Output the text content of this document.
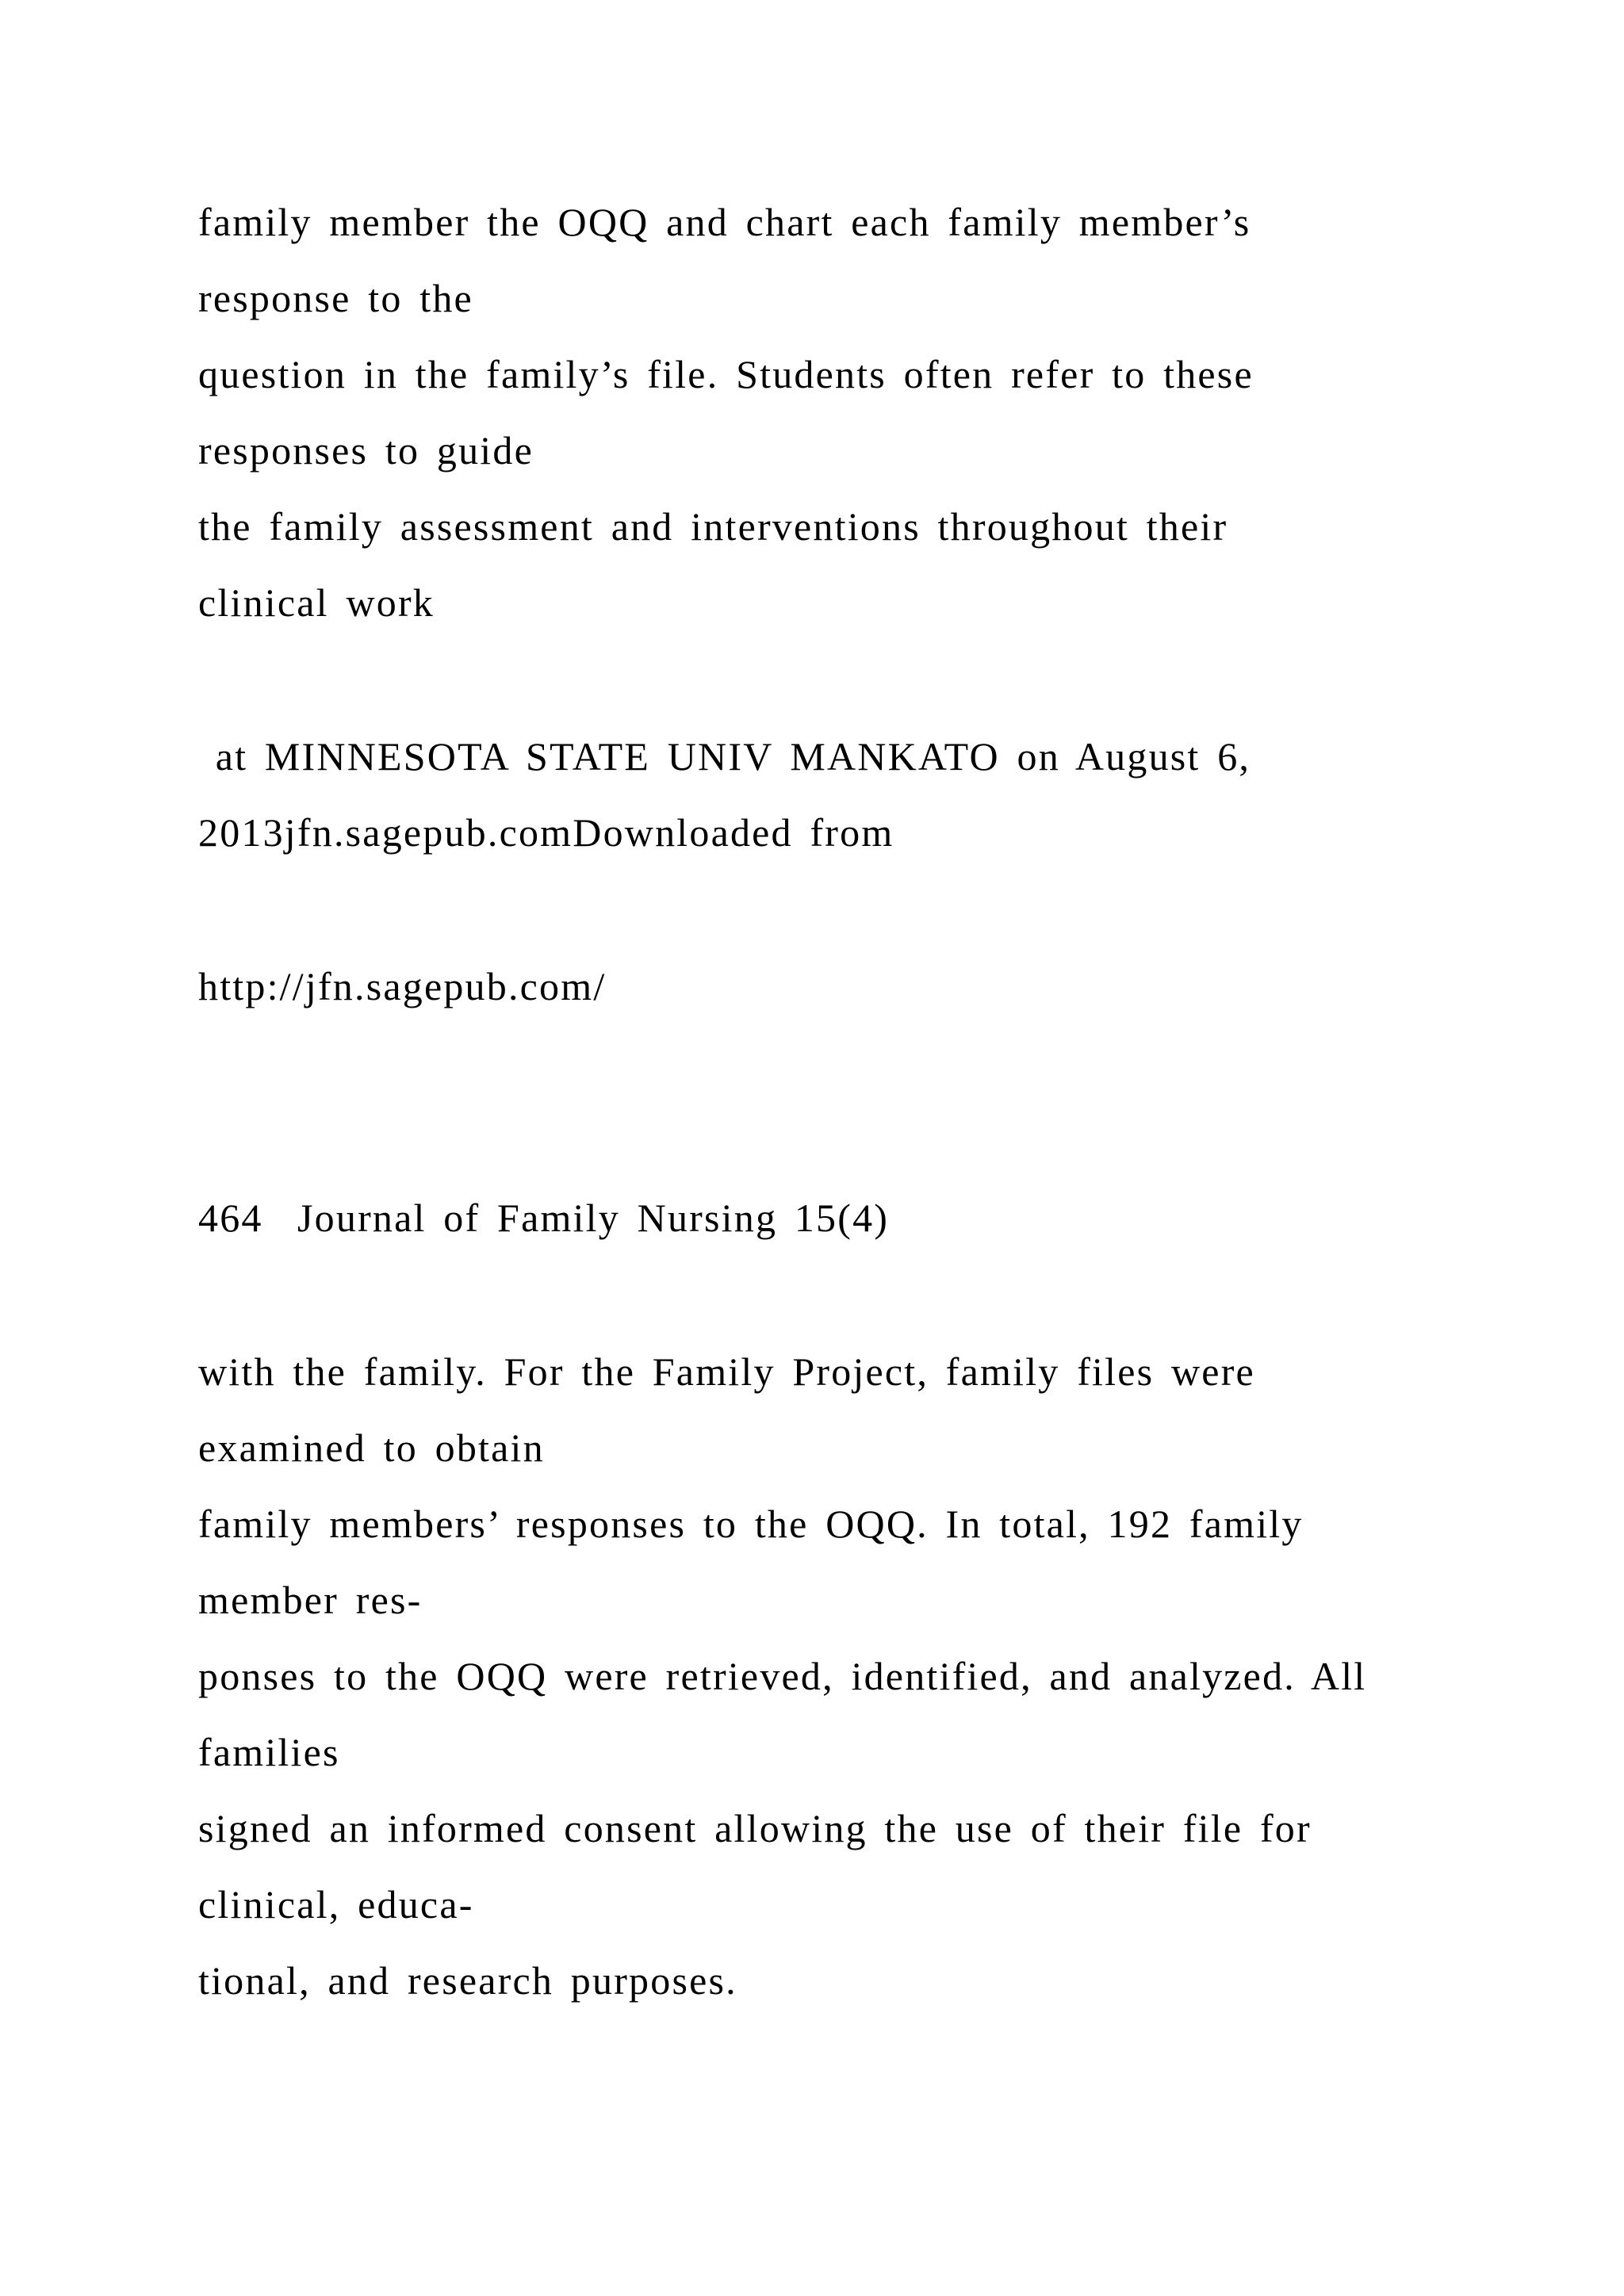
family member the OQQ and chart each family member’s

response to the

question in the family’s file. Students often refer to these

responses to guide

the family assessment and interventions throughout their

clinical work

at MINNESOTA STATE UNIV MANKATO on August 6,

2013jfn.sagepub.comDownloaded from

http://jfn.sagepub.com/

464 Journal of Family Nursing 15(4)

with the family. For the Family Project, family files were

examined to obtain

family members’ responses to the OQQ. In total, 192 family

member res-

ponses to the OQQ were retrieved, identified, and analyzed. All

families

signed an informed consent allowing the use of their file for

clinical, educa-

tional, and research purposes.
